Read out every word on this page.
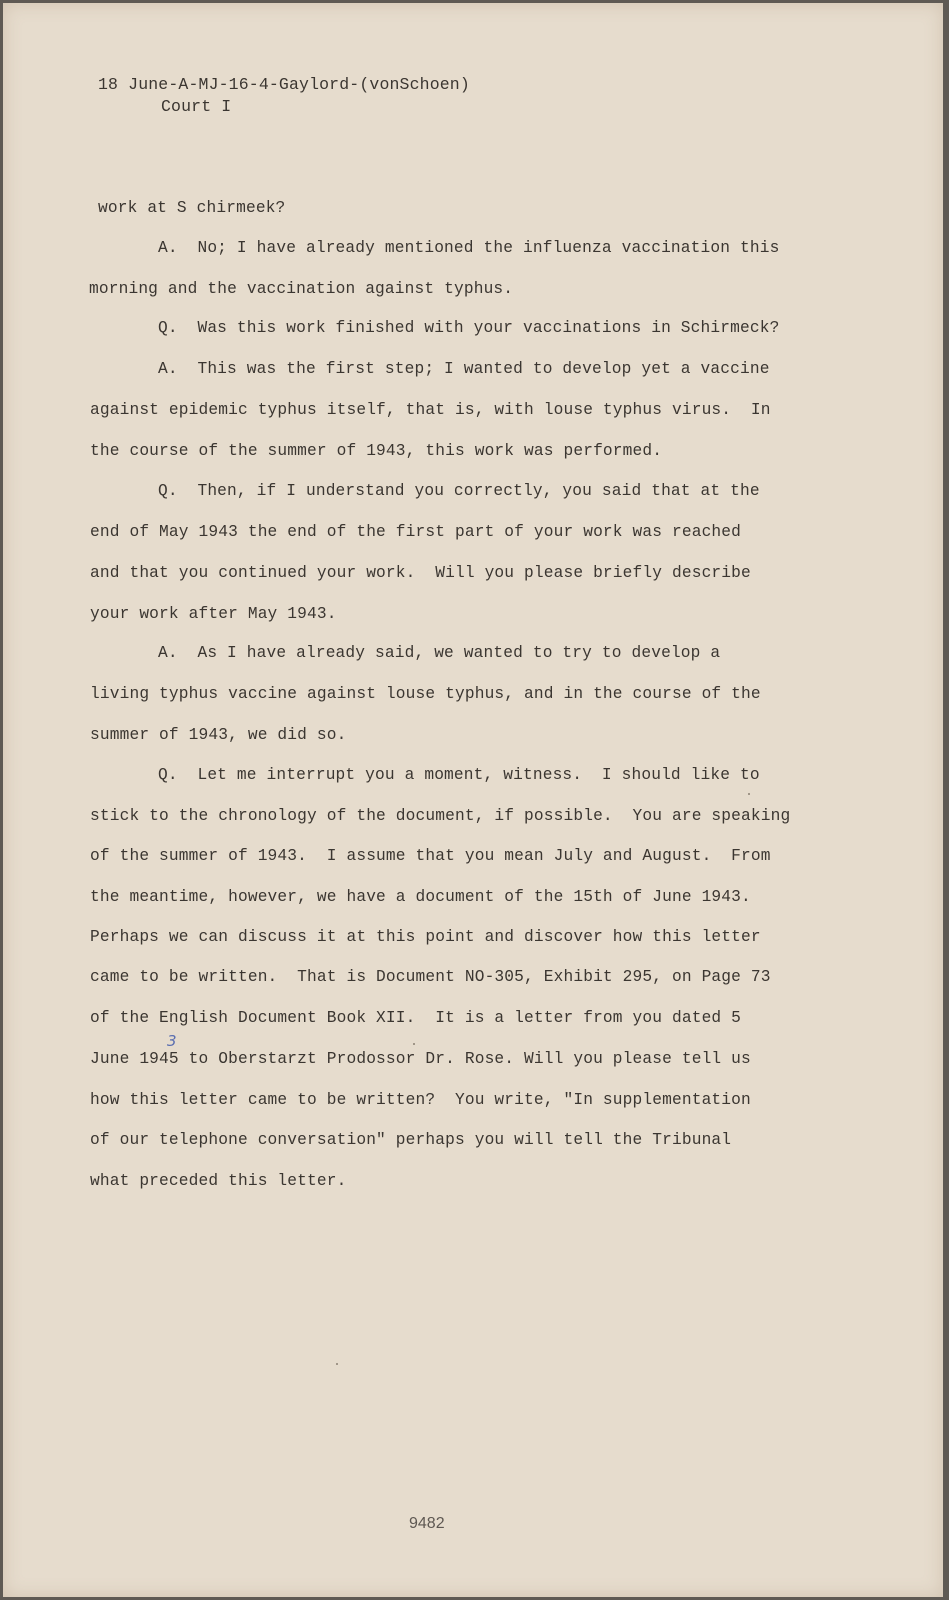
18 June-A-MJ-16-4-Gaylord-(vonSchoen)
Court I
work at S chirmeek?
A.  No; I have already mentioned the influenza vaccination this
morning and the vaccination against typhus.
Q.  Was this work finished with your vaccinations in Schirmeck?
A.  This was the first step; I wanted to develop yet a vaccine
against epidemic typhus itself, that is, with louse typhus virus.  In
the course of the summer of 1943, this work was performed.
Q.  Then, if I understand you correctly, you said that at the
end of May 1943 the end of the first part of your work was reached
and that you continued your work.  Will you please briefly describe
your work after May 1943.
A.  As I have already said, we wanted to try to develop a
living typhus vaccine against louse typhus, and in the course of the
summer of 1943, we did so.
Q.  Let me interrupt you a moment, witness.  I should like to
stick to the chronology of the document, if possible.  You are speaking
of the summer of 1943.  I assume that you mean July and August.  From
the meantime, however, we have a document of the 15th of June 1943.
Perhaps we can discuss it at this point and discover how this letter
came to be written.  That is Document NO-305, Exhibit 295, on Page 73
of the English Document Book XII.  It is a letter from you dated 5
June 1945 to Oberstarzt Prodossor Dr. Rose. Will you please tell us
how this letter came to be written?  You write, "In supplementation
of our telephone conversation" perhaps you will tell the Tribunal
what preceded this letter.
3
9482
